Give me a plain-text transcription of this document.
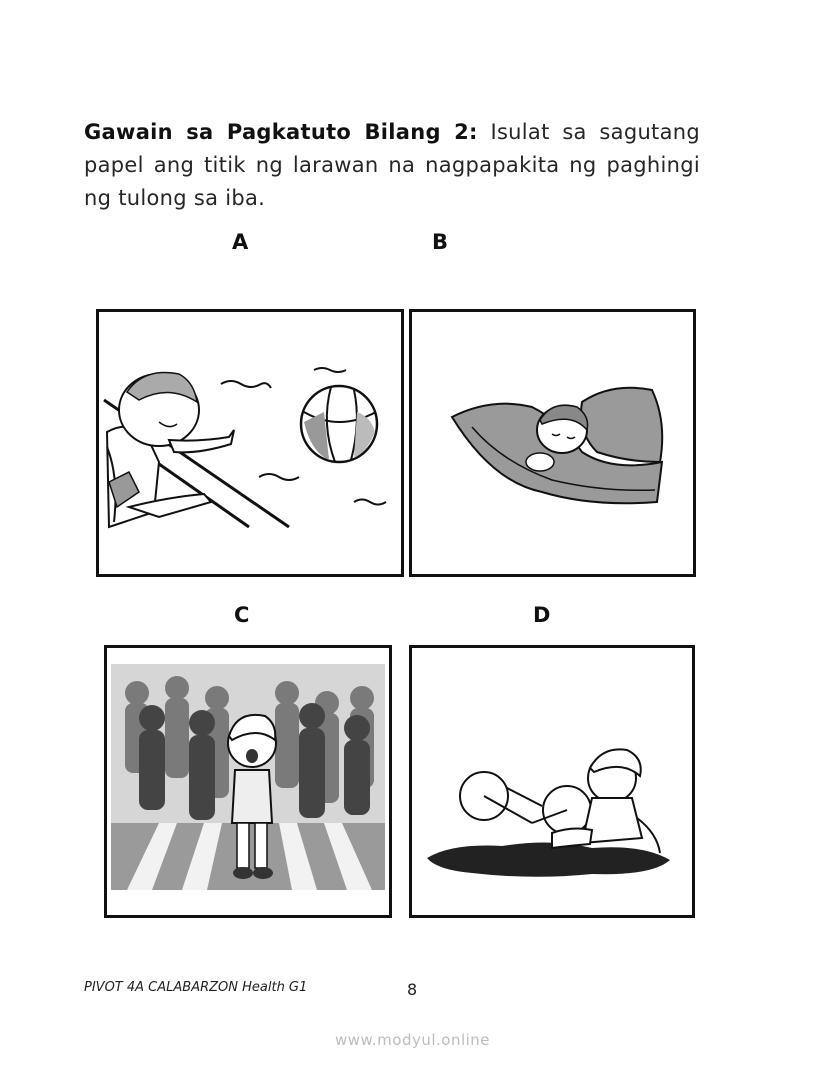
Gawain sa Pagkatuto Bilang 2: Isulat sa sagutang papel ang titik ng larawan na nagpapakita ng paghingi ng tulong sa iba.
A	B
C	D
PIVOT 4A CALABARZON Health G1	8
www.modyul.online
